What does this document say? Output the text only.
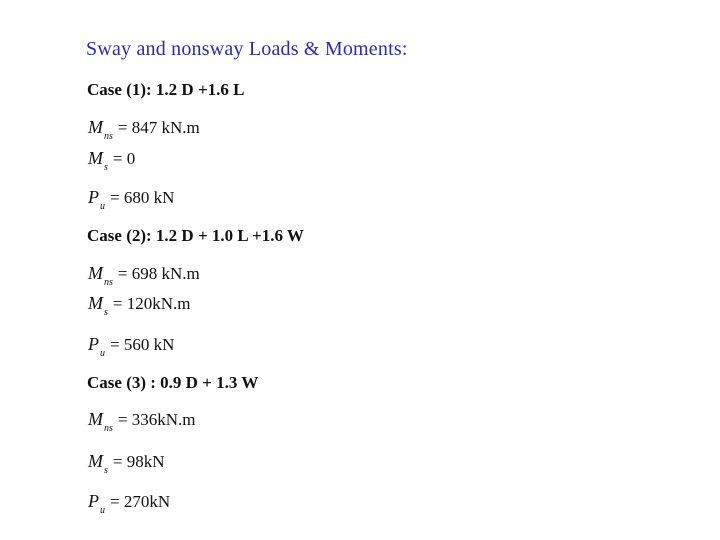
Sway and nonsway Loads & Moments:
Case (1): 1.2 D +1.6 L
$M_{ns} = 847$ kN.m
$M_s = 0$
$P_u = 680$ kN
Case (2): 1.2 D + 1.0 L +1.6 W
$M_{ns} = 698$ kN.m
$M_s = 120kN.m$
$P_u = 560$ kN
Case (3) : 0.9 D + 1.3 W
$M_{ns} = 336kN.m$
$M_s = 98kN$
$P_u = 270kN$
